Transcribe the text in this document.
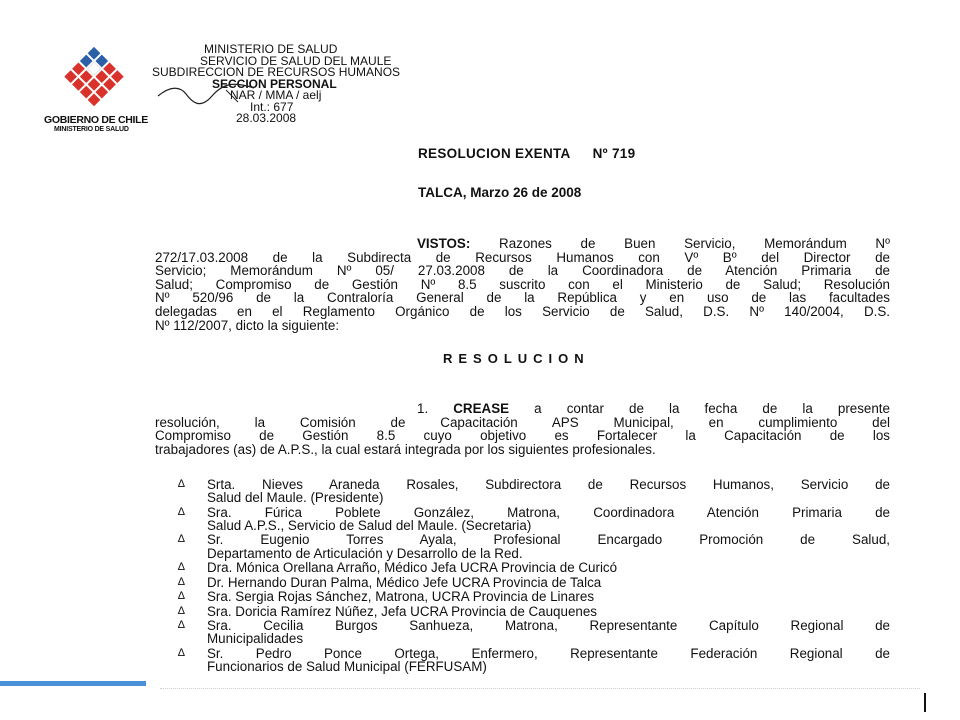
GOBIERNO DE CHILE
MINISTERIO DE SALUD
MINISTERIO DE SALUD
SERVICIO DE SALUD DEL MAULE
SUBDIRECCION DE RECURSOS HUMANOS
SECCION PERSONAL
NAR / MMA / aelj
Int.: 677
28.03.2008
RESOLUCION EXENTA Nº 719
TALCA, Marzo 26 de 2008
VISTOS: Razones de Buen Servicio, Memorándum Nº
272/17.03.2008 de la Subdirecta de Recursos Humanos con Vº Bº del Director de
Servicio; Memorándum Nº 05/ 27.03.2008 de la Coordinadora de Atención Primaria de
Salud; Compromiso de Gestión Nº 8.5 suscrito con el Ministerio de Salud; Resolución
Nº 520/96 de la Contraloría General de la República y en uso de las facultades
delegadas en el Reglamento Orgánico de los Servicio de Salud, D.S. Nº 140/2004, D.S.
Nº 112/2007, dicto la siguiente:
RESOLUCION
1. CREASE a contar de la fecha de la presente
resolución, la Comisión de Capacitación APS Municipal, en cumplimiento del
Compromiso de Gestión 8.5 cuyo objetivo es Fortalecer la Capacitación de los
trabajadores (as) de A.P.S., la cual estará integrada por los siguientes profesionales.
∆ Srta. Nieves Araneda Rosales, Subdirectora de Recursos Humanos, Servicio de
Salud del Maule. (Presidente)
∆ Sra. Fúrica Poblete González, Matrona, Coordinadora Atención Primaria de
Salud A.P.S., Servicio de Salud del Maule. (Secretaria)
∆ Sr. Eugenio Torres Ayala, Profesional Encargado Promoción de Salud,
Departamento de Articulación y Desarrollo de la Red.
∆ Dra. Mónica Orellana Arraño, Médico Jefa UCRA Provincia de Curicó
∆ Dr. Hernando Duran Palma, Médico Jefe UCRA Provincia de Talca
∆ Sra. Sergia Rojas Sánchez, Matrona, UCRA Provincia de Linares
∆ Sra. Doricia Ramírez Núñez, Jefa UCRA Provincia de Cauquenes
∆ Sra. Cecilia Burgos Sanhueza, Matrona, Representante Capítulo Regional de
Municipalidades
∆ Sr. Pedro Ponce Ortega, Enfermero, Representante Federación Regional de
Funcionarios de Salud Municipal (FERFUSAM)
